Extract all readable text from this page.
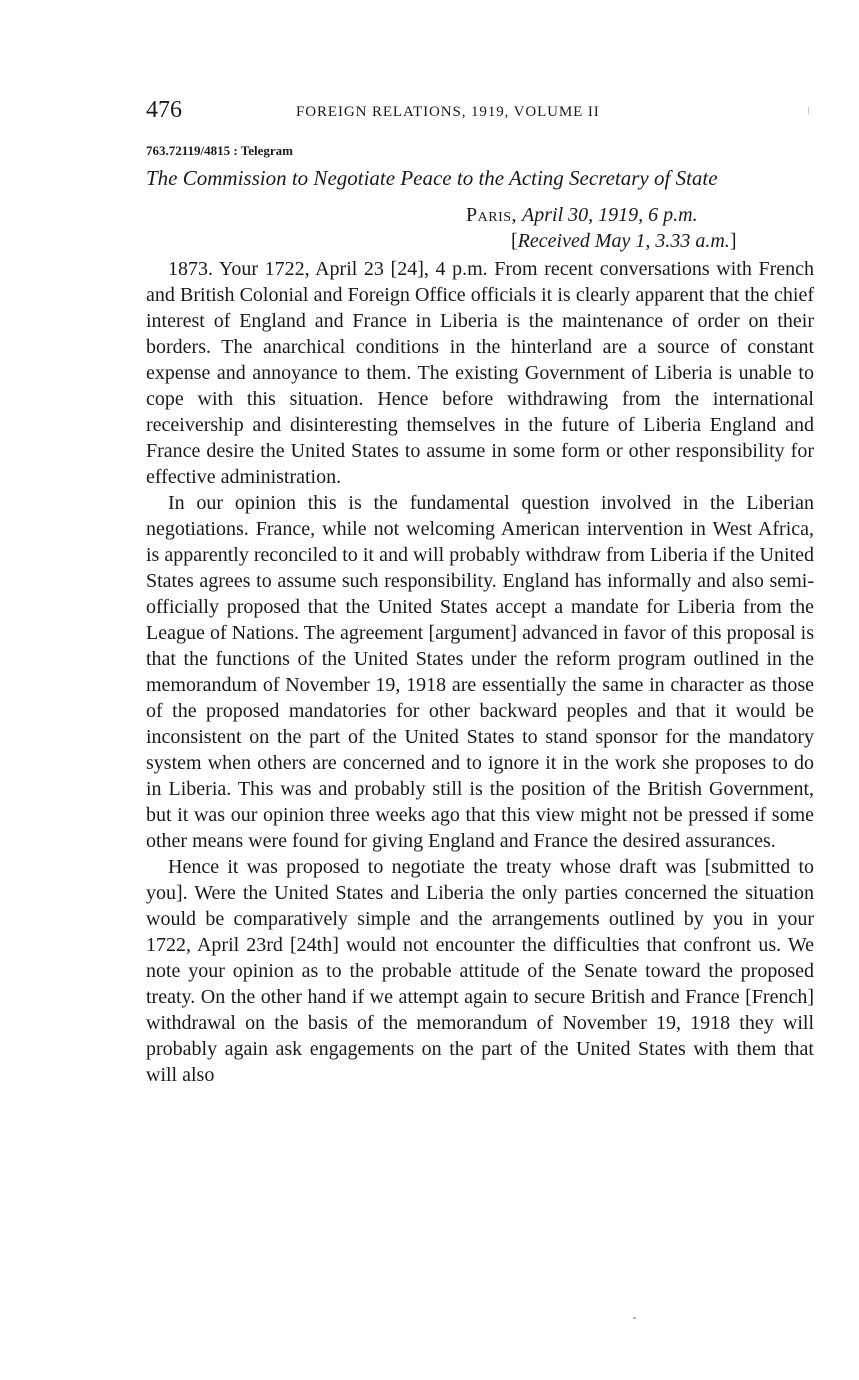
476	FOREIGN RELATIONS, 1919, VOLUME II
763.72119/4815 : Telegram
The Commission to Negotiate Peace to the Acting Secretary of State
Paris, April 30, 1919, 6 p.m.
[Received May 1, 3.33 a.m.]

1873. Your 1722, April 23 [24], 4 p.m. From recent conversations with French and British Colonial and Foreign Office officials it is clearly apparent that the chief interest of England and France in Liberia is the maintenance of order on their borders. The anarchical conditions in the hinterland are a source of constant expense and annoyance to them. The existing Government of Liberia is unable to cope with this situation. Hence before withdrawing from the international receivership and disinteresting themselves in the future of Liberia England and France desire the United States to assume in some form or other responsibility for effective administration.

In our opinion this is the fundamental question involved in the Liberian negotiations. France, while not welcoming American intervention in West Africa, is apparently reconciled to it and will probably withdraw from Liberia if the United States agrees to assume such responsibility. England has informally and also semi-officially proposed that the United States accept a mandate for Liberia from the League of Nations. The agreement [argument] advanced in favor of this proposal is that the functions of the United States under the reform program outlined in the memorandum of November 19, 1918 are essentially the same in character as those of the proposed mandatories for other backward peoples and that it would be inconsistent on the part of the United States to stand sponsor for the mandatory system when others are concerned and to ignore it in the work she proposes to do in Liberia. This was and probably still is the position of the British Government, but it was our opinion three weeks ago that this view might not be pressed if some other means were found for giving England and France the desired assurances.

Hence it was proposed to negotiate the treaty whose draft was [submitted to you]. Were the United States and Liberia the only parties concerned the situation would be comparatively simple and the arrangements outlined by you in your 1722, April 23rd [24th] would not encounter the difficulties that confront us. We note your opinion as to the probable attitude of the Senate toward the proposed treaty. On the other hand if we attempt again to secure British and France [French] withdrawal on the basis of the memorandum of November 19, 1918 they will probably again ask engagements on the part of the United States with them that will also
